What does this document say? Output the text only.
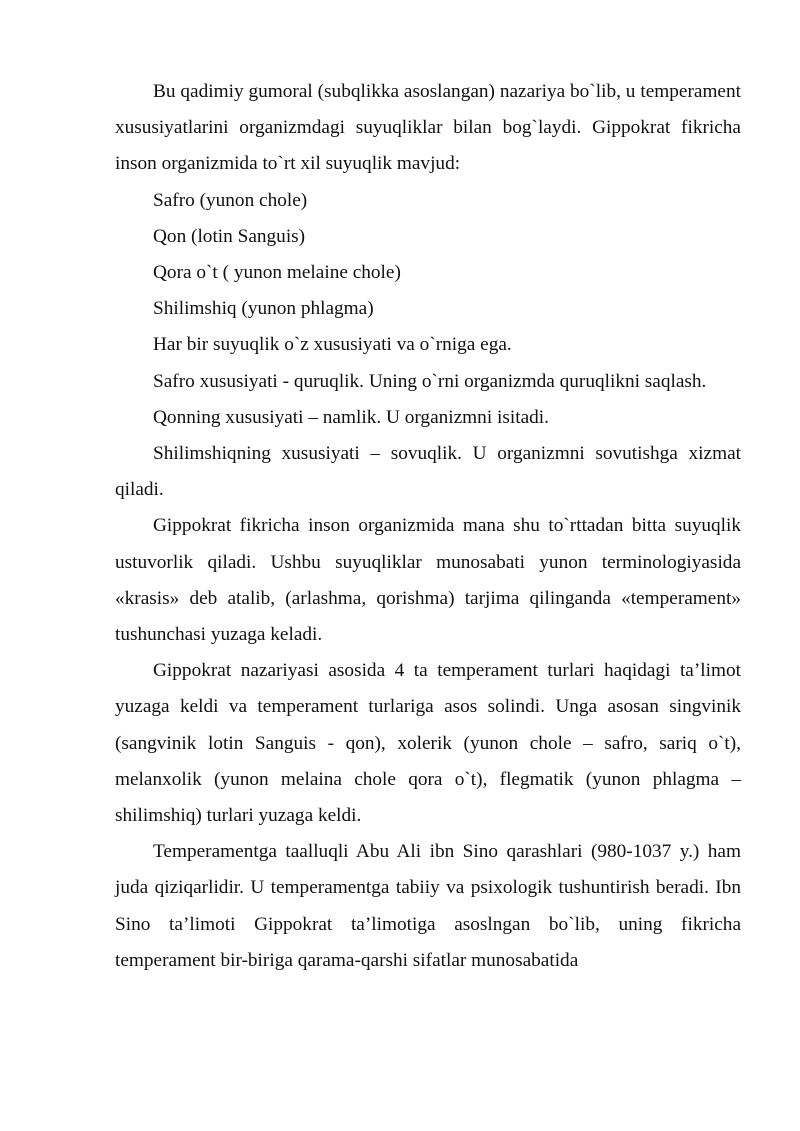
Bu qadimiy gumoral (subqlikka asoslangan) nazariya bo`lib, u temperament xususiyatlarini organizmdagi suyuqliklar bilan bog`laydi. Gippokrat fikricha inson organizmida to`rt xil suyuqlik mavjud:

Safro (yunon chole)

Qon (lotin Sanguis)

Qora o`t ( yunon melaine chole)

Shilimshiq (yunon phlagma)

Har bir suyuqlik o`z xususiyati va o`rniga ega.

Safro xususiyati - quruqlik. Uning o`rni organizmda quruqlikni saqlash.

Qonning xususiyati – namlik. U organizmni isitadi.

Shilimshiqning xususiyati – sovuqlik. U organizmni sovutishga xizmat qiladi.

Gippokrat fikricha inson organizmida mana shu to`rttadan bitta suyuqlik ustuvorlik qiladi. Ushbu suyuqliklar munosabati yunon terminologiyasida «krasis» deb atalib, (arlashma, qorishma) tarjima qilinganda «temperament» tushunchasi yuzaga keladi.

Gippokrat nazariyasi asosida 4 ta temperament turlari haqidagi ta’limot yuzaga keldi va temperament turlariga asos solindi. Unga asosan singvinik (sangvinik lotin Sanguis - qon), xolerik (yunon chole – safro, sariq o`t), melanxolik (yunon melaina chole qora o`t), flegmatik (yunon phlagma – shilimshiq) turlari yuzaga keldi.

Temperamentga taalluqli Abu Ali ibn Sino qarashlari (980-1037 y.) ham juda qiziqarlidir. U temperamentga tabiiy va psixologik tushuntirish beradi. Ibn Sino ta’limoti Gippokrat ta’limotiga asoslngan bo`lib, uning fikricha temperament bir-biriga qarama-qarshi sifatlar munosabatida
